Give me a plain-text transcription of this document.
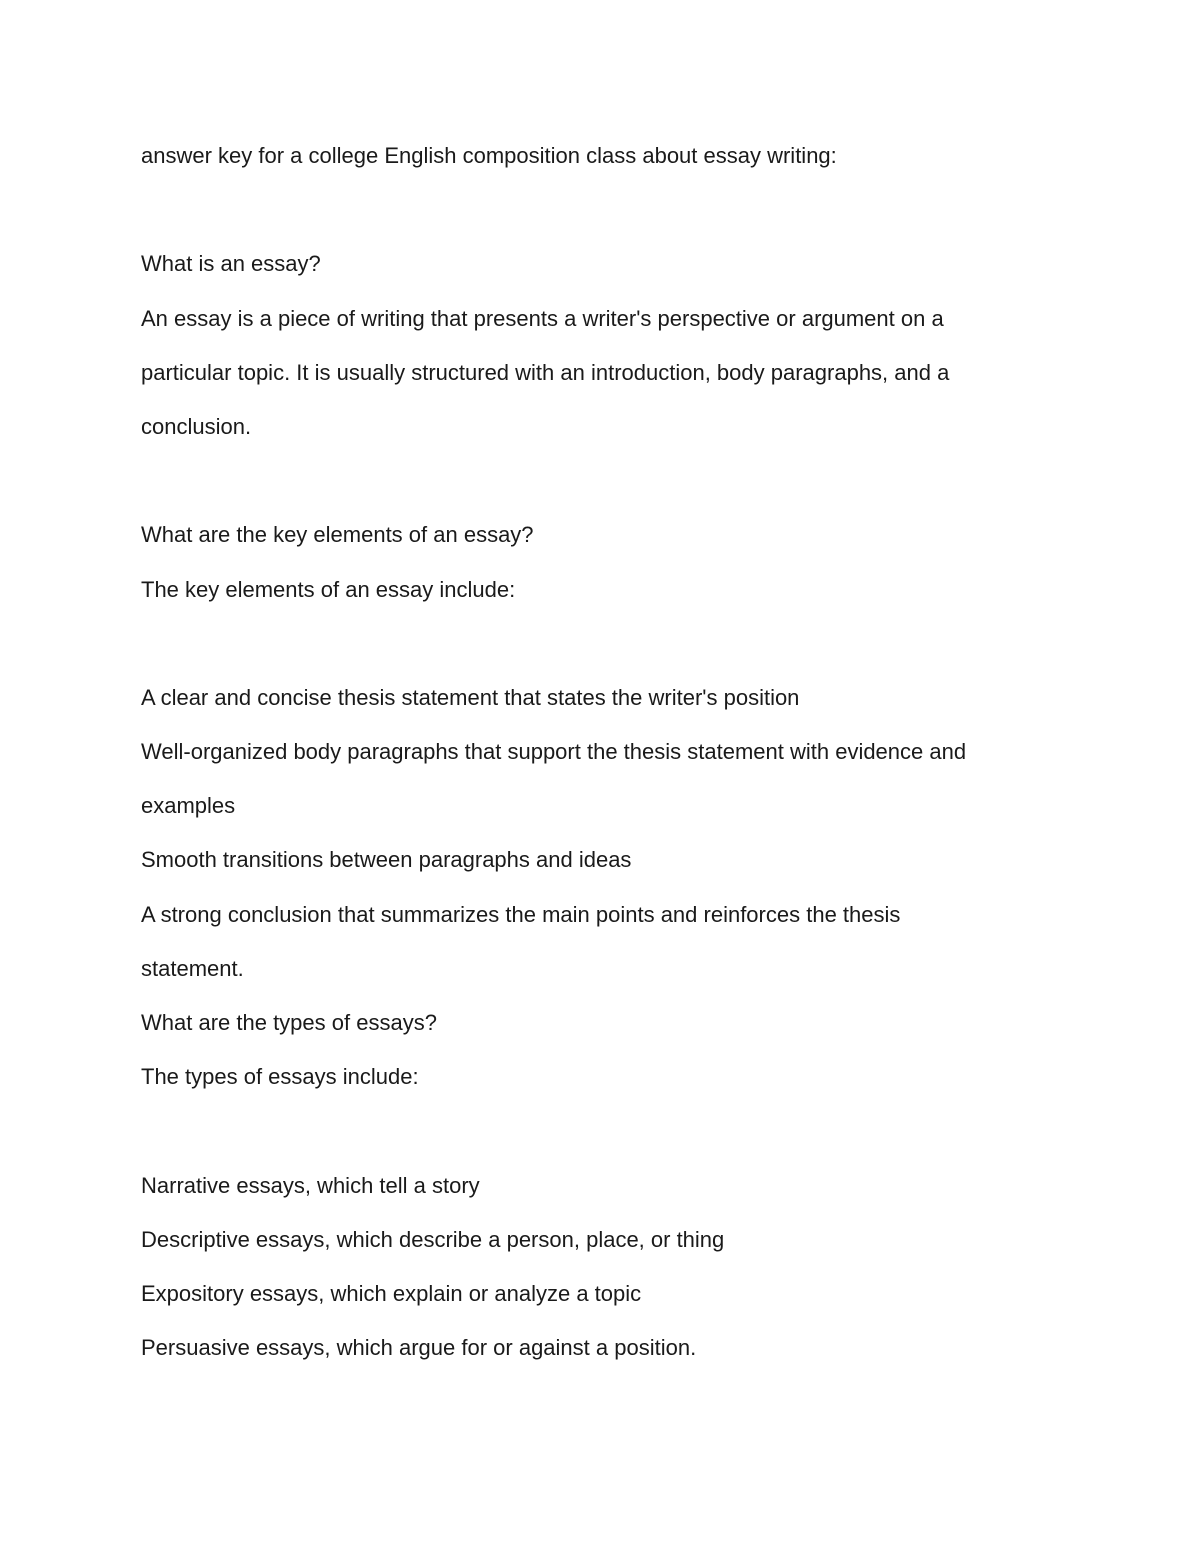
answer key for a college English composition class about essay writing:
What is an essay?
An essay is a piece of writing that presents a writer's perspective or argument on a
particular topic. It is usually structured with an introduction, body paragraphs, and a
conclusion.
What are the key elements of an essay?
The key elements of an essay include:
A clear and concise thesis statement that states the writer's position
Well-organized body paragraphs that support the thesis statement with evidence and
examples
Smooth transitions between paragraphs and ideas
A strong conclusion that summarizes the main points and reinforces the thesis
statement.
What are the types of essays?
The types of essays include:
Narrative essays, which tell a story
Descriptive essays, which describe a person, place, or thing
Expository essays, which explain or analyze a topic
Persuasive essays, which argue for or against a position.
